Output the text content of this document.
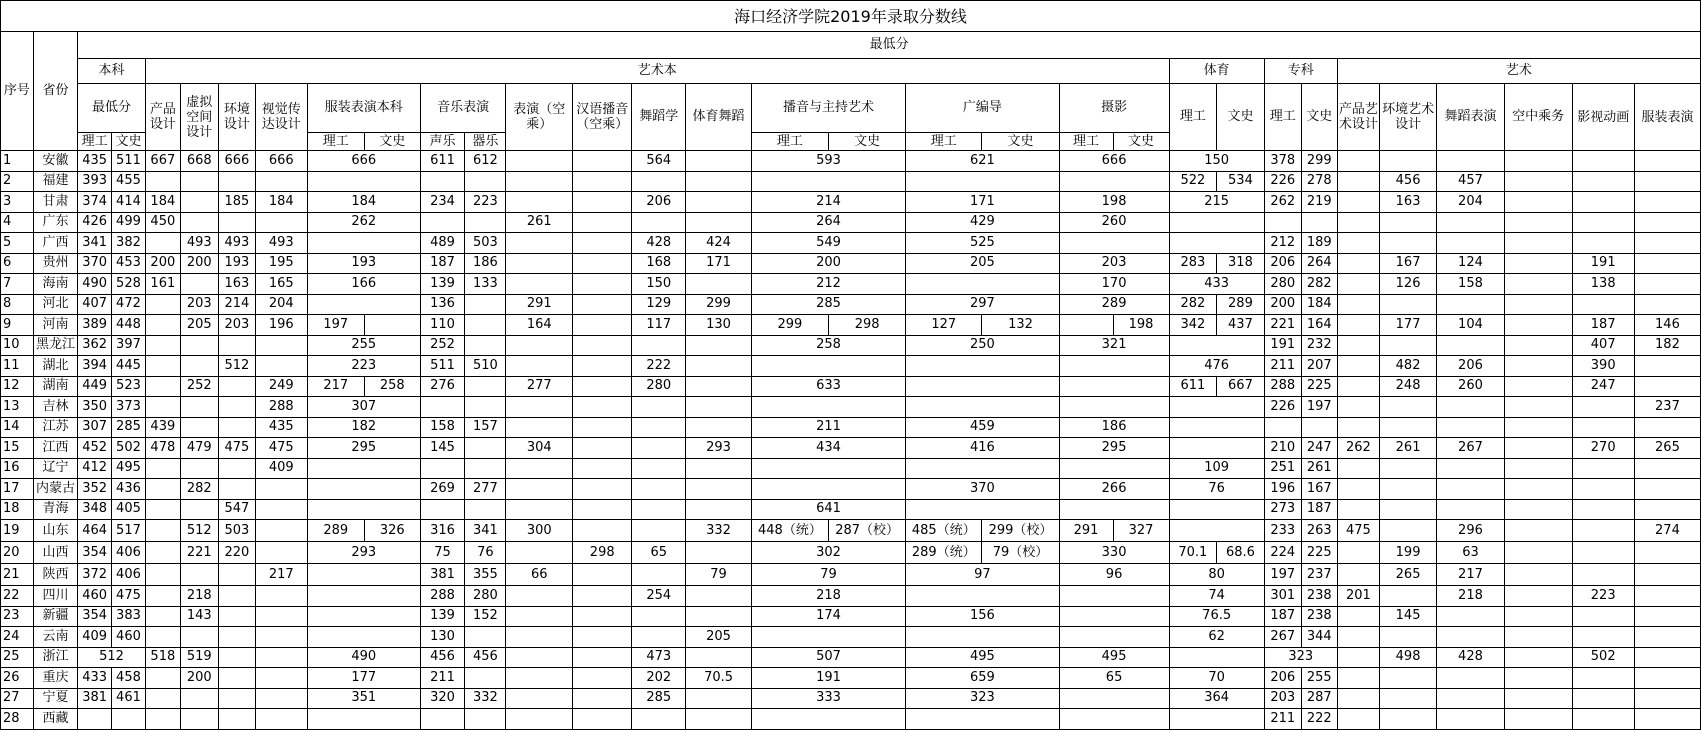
海口经济学院2019年录取分数线
序号	省份	最低分																													
		本科		艺术本																		体育		专科		艺术					
		最低分		产品设计	虚拟空间设计	环境设计	视觉传达设计	服装表演本科		音乐表演		表演（空乘）	汉语播音（空乘）	舞蹈学	体育舞蹈	播音与主持艺术		广编导		摄影		理工	文史	理工	文史	产品艺术设计	环境艺术设计	舞蹈表演	空中乘务	影视动画	服装表演
		理工	文史					理工	文史	声乐	器乐					理工	文史	理工	文史	理工	文史										
1	安徽	435	511	667	668	666	666	666		611	612			564		593		621		666		150		378	299						
2	福建	393	455																			522	534	226	278		456	457			
3	甘肃	374	414	184		185	184	184		234	223			206		214		171		198		215		262	219		163	204			
4	广东	426	499	450				262				261				264		429		260											
5	广西	341	382		493	493	493			489	503			428	424	549		525						212	189						
6	贵州	370	453	200	200	193	195	193		187	186			168	171	200		205		203		283	318	206	264		167	124		191	
7	海南	490	528	161		163	165	166		139	133			150		212				170		433		280	282		126	158		138	
8	河北	407	472		203	214	204			136		291		129	299	285		297		289		282	289	200	184						
9	河南	389	448		205	203	196	197		110		164		117	130	299	298	127	132		198	342	437	221	164		177	104		187	146
10	黑龙江	362	397					255		252						258		250		321				191	232					407	182
11	湖北	394	445			512		223		511	510			222								476		211	207		482	206		390	
12	湖南	449	523		252		249	217	258	276		277		280		633						611	667	288	225		248	260		247	
13	吉林	350	373				288	307																226	197						237
14	江苏	307	285	439			435	182		158	157					211		459		186											
15	江西	452	502	478	479	475	475	295		145		304			293	434		416		295				210	247	262	261	267		270	265
16	辽宁	412	495				409															109		251	261						
17	内蒙古	352	436		282					269	277							370		266		76		196	167						
18	青海	348	405			547										641								273	187						
19	山东	464	517		512	503		289	326	316	341	300			332	448（统）	287（校）	485（统）	299（校）	291	327			233	263	475		296			274
20	山西	354	406		221	220		293		75	76		298	65		302		289（统）	79（校）	330		70.1	68.6	224	225		199	63			
21	陕西	372	406				217			381	355	66			79	79		97		96		80		197	237		265	217			
22	四川	460	475		218					288	280			254		218						74		301	238	201		218		223	
23	新疆	354	383		143					139	152					174		156				76.5		187	238		145				
24	云南	409	460							130					205							62		267	344						
25	浙江	512		518	519			490		456	456			473		507		495		495				323			498	428		502	
26	重庆	433	458		200			177		211				202	70.5	191		659		65		70		206	255						
27	宁夏	381	461					351		320	332			285		333		323				364		203	287						
28	西藏																							211	222						
